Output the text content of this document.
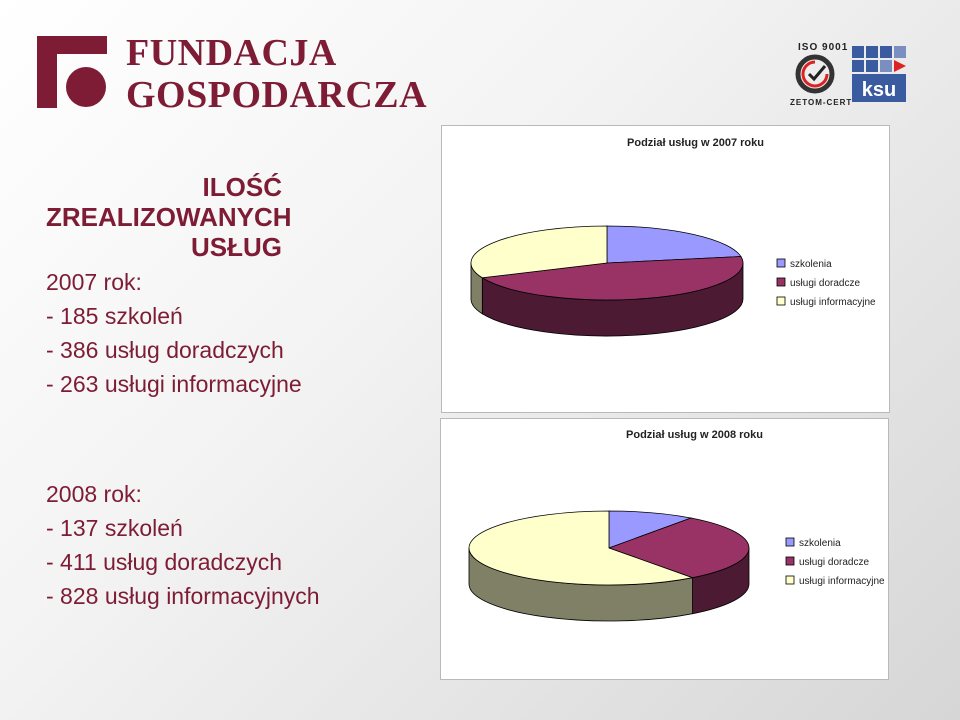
FUNDACJA
GOSPODARCZA
ISO 9001
ZETOM-CERT
ksu
ILOŚĆ
ZREALIZOWANYCH
USŁUG

2007 rok:

- 185 szkoleń

- 386 usług doradczych

- 263 usługi informacyjne

2008 rok:

- 137 szkoleń

- 411 usług doradczych

- 828 usług informacyjnych

Podział usług w 2007 roku
szkolenia
usługi doradcze
usługi informacyjne
Podział usług w 2008 roku
szkolenia
usługi doradcze
usługi informacyjne
